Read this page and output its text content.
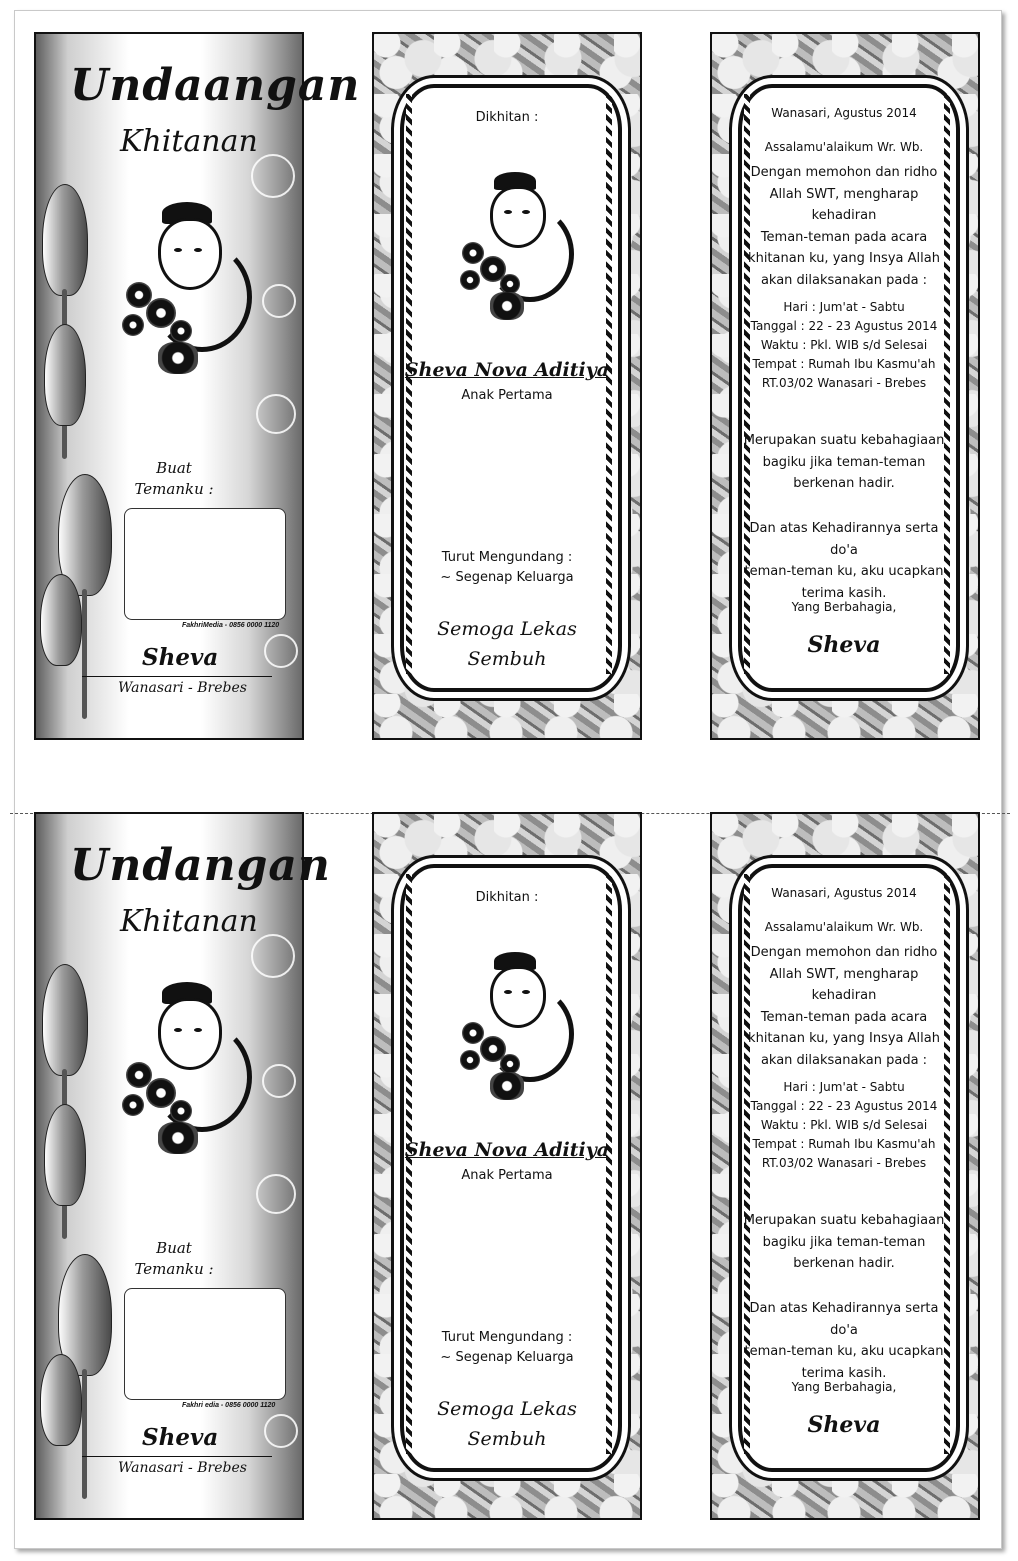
Undaangan
Khitanan
Buat
Temanku :
FakhriMedia - 0856 0000 1120
Sheva
Wanasari - Brebes
Dikhitan :
Sheva Nova Aditiya
Anak Pertama
Turut Mengundang :
~ Segenap Keluarga
Semoga Lekas
Sembuh
Wanasari, Agustus 2014
Assalamu'alaikum Wr. Wb.
Dengan memohon dan ridho
Allah SWT, mengharap kehadiran
Teman-teman pada acara
khitanan ku, yang Insya Allah
akan dilaksanakan pada :
Hari : Jum'at - Sabtu
Tanggal : 22 - 23 Agustus 2014
Waktu : Pkl. WIB s/d Selesai
Tempat : Rumah Ibu Kasmu'ah
RT.03/02 Wanasari - Brebes
Merupakan suatu kebahagiaan
bagiku jika teman-teman
berkenan hadir.
Dan atas Kehadirannya serta do'a
teman-teman ku, aku ucapkan
terima kasih.
Yang Berbahagia,
Sheva
Undangan
Khitanan
Buat
Temanku :
Fakhri edia - 0856 0000 1120
Sheva
Wanasari - Brebes
Dikhitan :
Sheva Nova Aditiya
Anak Pertama
Turut Mengundang :
~ Segenap Keluarga
Semoga Lekas
Sembuh
Wanasari, Agustus 2014
Assalamu'alaikum Wr. Wb.
Dengan memohon dan ridho
Allah SWT, mengharap kehadiran
Teman-teman pada acara
khitanan ku, yang Insya Allah
akan dilaksanakan pada :
Hari : Jum'at - Sabtu
Tanggal : 22 - 23 Agustus 2014
Waktu : Pkl. WIB s/d Selesai
Tempat : Rumah Ibu Kasmu'ah
RT.03/02 Wanasari - Brebes
Merupakan suatu kebahagiaan
bagiku jika teman-teman
berkenan hadir.
Dan atas Kehadirannya serta do'a
teman-teman ku, aku ucapkan
terima kasih.
Yang Berbahagia,
Sheva
